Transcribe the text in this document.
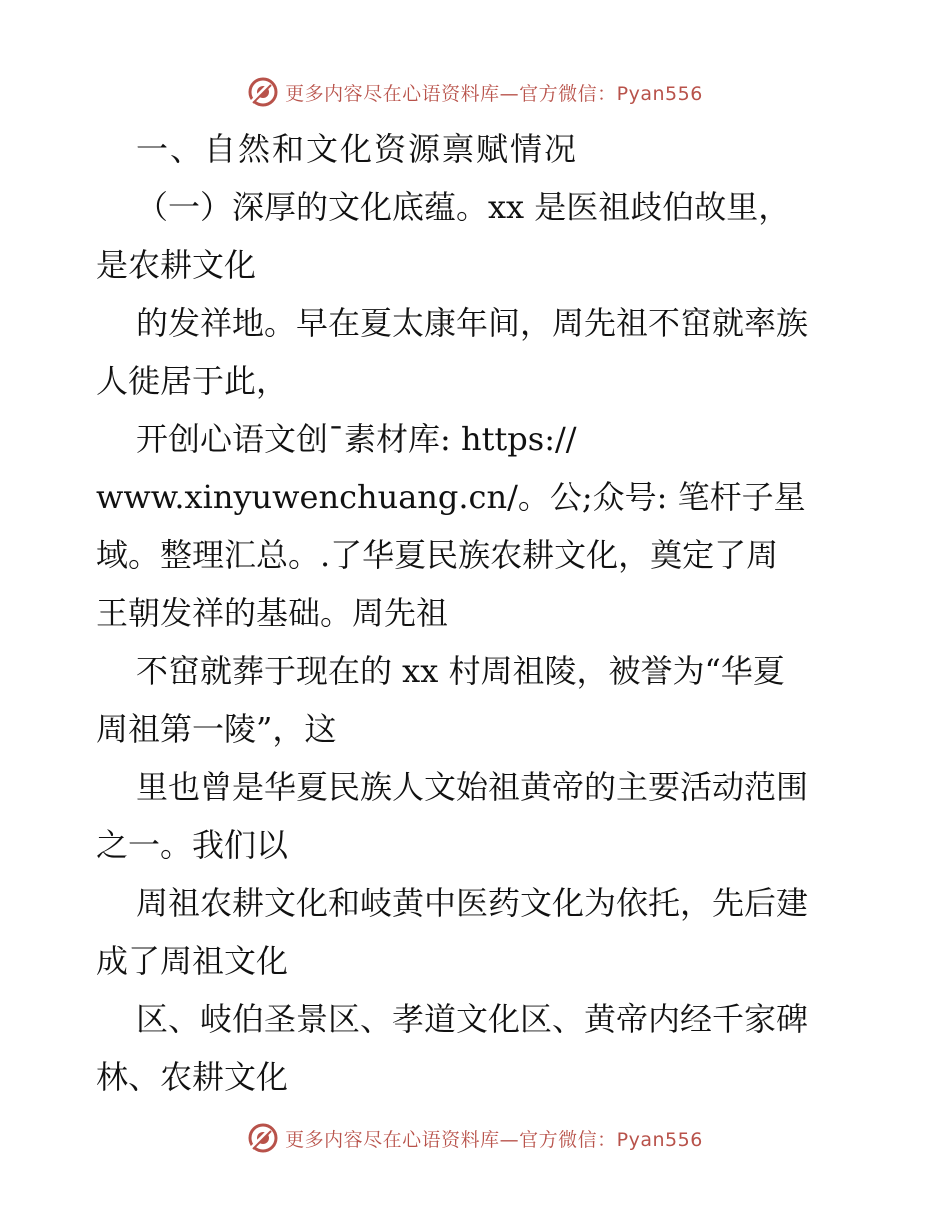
更多内容尽在心语资料库—官方微信：Pyan556
一、自然和文化资源禀赋情况
（一）深厚的文化底蕴。xx 是医祖歧伯故里，
是农耕文化
的发祥地。早在夏太康年间，周先祖不窋就率族
人徙居于此，
开创心语文创¯素材库: https://
www.xinyuwenchuang.cn/。公;众号: 笔杆子星
域。整理汇总。.了华夏民族农耕文化，奠定了周
王朝发祥的基础。周先祖
不窋就葬于现在的 xx 村周祖陵，被誉为“华夏
周祖第一陵”，这
里也曾是华夏民族人文始祖黄帝的主要活动范围
之一。我们以
周祖农耕文化和岐黄中医药文化为依托，先后建
成了周祖文化
区、岐伯圣景区、孝道文化区、黄帝内经千家碑
林、农耕文化
更多内容尽在心语资料库—官方微信：Pyan556
